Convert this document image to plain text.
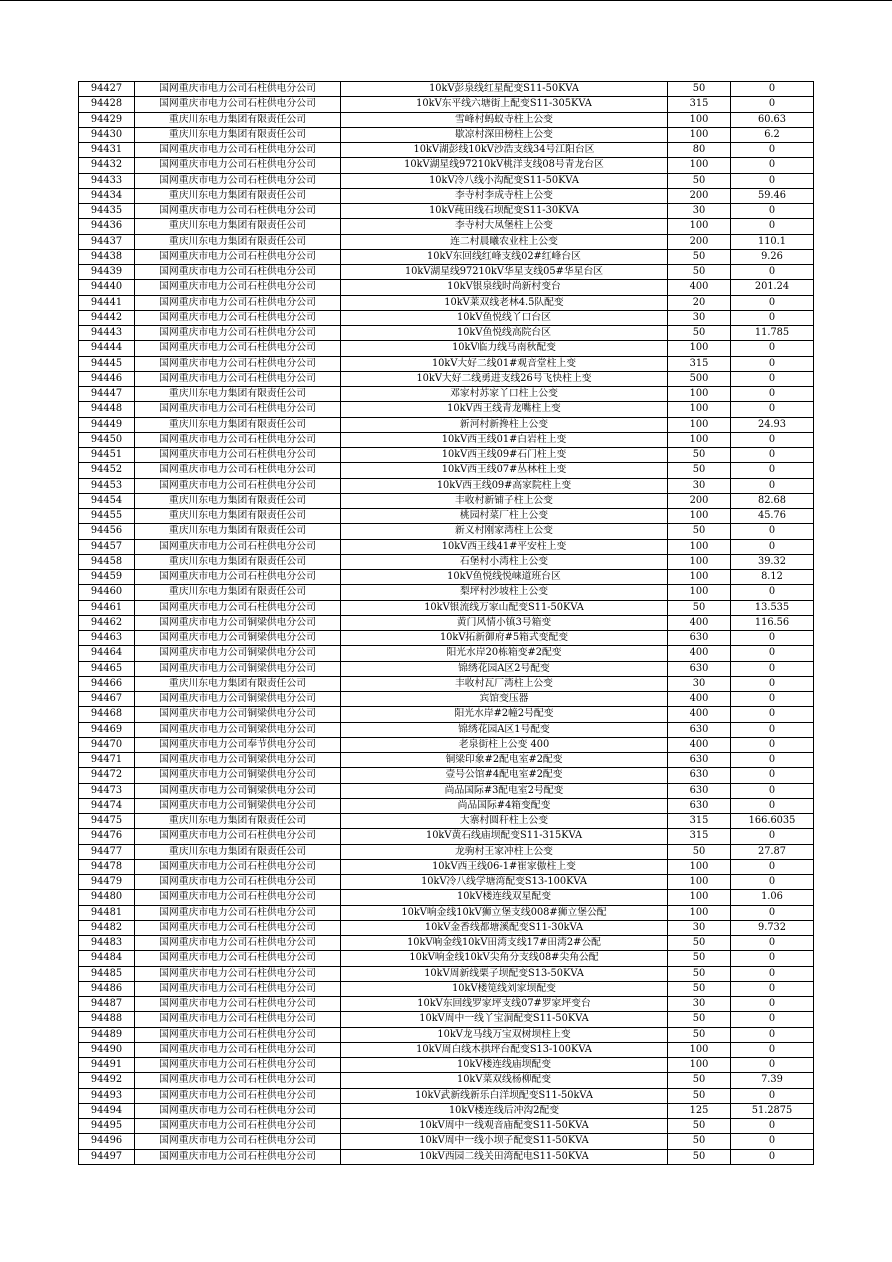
94427	国网重庆市电力公司石柱供电分公司	10kV彭泉线红星配变S11-50KVA	50	0
94428	国网重庆市电力公司石柱供电分公司	10kV东平线六塘街上配变S11-305KVA	315	0
94429	重庆川东电力集团有限责任公司	雪峰村蚂蚁寺柱上公变	100	60.63
94430	重庆川东电力集团有限责任公司	歇凉村深田榜柱上公变	100	6.2
94431	国网重庆市电力公司石柱供电分公司	10kV湖彭线10kV沙浩支线34号江阳台区	80	0
94432	国网重庆市电力公司石柱供电分公司	10kV湖星线97210kV桃洋支线08号青龙台区	100	0
94433	国网重庆市电力公司石柱供电分公司	10kV冷八线小沟配变S11-50KVA	50	0
94434	重庆川东电力集团有限责任公司	李寺村李成寺柱上公变	200	59.46
94435	国网重庆市电力公司石柱供电分公司	10kV莼田线石坝配变S11-30KVA	30	0
94436	重庆川东电力集团有限责任公司	李寺村大凤堡柱上公变	100	0
94437	重庆川东电力集团有限责任公司	连二村晨曦农业柱上公变	200	110.1
94438	国网重庆市电力公司石柱供电分公司	10kV东回线红峰支线02#红峰台区	50	9.26
94439	国网重庆市电力公司石柱供电分公司	10kV湖星线97210kV华星支线05#华星台区	50	0
94440	国网重庆市电力公司石柱供电分公司	10kV银泉线时尚新村变台	400	201.24
94441	国网重庆市电力公司石柱供电分公司	10kV莱双线老林4.5队配变	20	0
94442	国网重庆市电力公司石柱供电分公司	10kV鱼悦线丫口台区	30	0
94443	国网重庆市电力公司石柱供电分公司	10kV鱼悦线高院台区	50	11.785
94444	国网重庆市电力公司石柱供电分公司	10kV临力线马南秋配变	100	0
94445	国网重庆市电力公司石柱供电分公司	10kV大好二线01#观音堂柱上变	315	0
94446	国网重庆市电力公司石柱供电分公司	10kV大好二线勇进支线26号飞快柱上变	500	0
94447	重庆川东电力集团有限责任公司	邓家村苏家丫口柱上公变	100	0
94448	国网重庆市电力公司石柱供电分公司	10kV西王线青龙嘴柱上变	100	0
94449	重庆川东电力集团有限责任公司	新河村新搀柱上公变	100	24.93
94450	国网重庆市电力公司石柱供电分公司	10kV西王线01#白岩柱上变	100	0
94451	国网重庆市电力公司石柱供电分公司	10kV西王线09#石门柱上变	50	0
94452	国网重庆市电力公司石柱供电分公司	10kV西王线07#丛林柱上变	50	0
94453	国网重庆市电力公司石柱供电分公司	10kV西王线09#高家院柱上变	30	0
94454	重庆川东电力集团有限责任公司	丰收村新铺子柱上公变	200	82.68
94455	重庆川东电力集团有限责任公司	桃园村菜厂柱上公变	100	45.76
94456	重庆川东电力集团有限责任公司	新义村刚家湾柱上公变	50	0
94457	国网重庆市电力公司石柱供电分公司	10kV西王线41#平安柱上变	100	0
94458	重庆川东电力集团有限责任公司	石堡村小湾柱上公变	100	39.32
94459	国网重庆市电力公司石柱供电分公司	10kV鱼悦线悦崃道班台区	100	8.12
94460	重庆川东电力集团有限责任公司	梨坪村沙坡柱上公变	100	0
94461	国网重庆市电力公司石柱供电分公司	10kV银流线万家山配变S11-50KVA	50	13.535
94462	国网重庆市电力公司铜梁供电分公司	黄门风情小镇3号箱变	400	116.56
94463	国网重庆市电力公司铜梁供电分公司	10kV拓新御府#5箱式变配变	630	0
94464	国网重庆市电力公司铜梁供电分公司	阳光水岸20栋箱变#2配变	400	0
94465	国网重庆市电力公司铜梁供电分公司	锦绣花园A区2号配变	630	0
94466	重庆川东电力集团有限责任公司	丰收村瓦厂湾柱上公变	30	0
94467	国网重庆市电力公司铜梁供电分公司	宾馆变压器	400	0
94468	国网重庆市电力公司铜梁供电分公司	阳光水岸#2幢2号配变	400	0
94469	国网重庆市电力公司铜梁供电分公司	锦绣花园A区1号配变	630	0
94470	国网重庆市电力公司奉节供电分公司	老泉街柱上公变 400	400	0
94471	国网重庆市电力公司铜梁供电分公司	铜梁印象#2配电室#2配变	630	0
94472	国网重庆市电力公司铜梁供电分公司	壹号公馆#4配电室#2配变	630	0
94473	国网重庆市电力公司铜梁供电分公司	尚品国际#3配电室2号配变	630	0
94474	国网重庆市电力公司铜梁供电分公司	尚品国际#4箱变配变	630	0
94475	重庆川东电力集团有限责任公司	大寨村圆秆柱上公变	315	166.6035
94476	国网重庆市电力公司石柱供电分公司	10kV黄石线庙坝配变S11-315KVA	315	0
94477	重庆川东电力集团有限责任公司	龙驹村王家冲柱上公变	50	27.87
94478	国网重庆市电力公司石柱供电分公司	10kV西王线06-1#崔家傲柱上变	100	0
94479	国网重庆市电力公司石柱供电分公司	10kV冷八线学塘湾配变S13-100KVA	100	0
94480	国网重庆市电力公司石柱供电分公司	10kV楼连线双星配变	100	1.06
94481	国网重庆市电力公司石柱供电分公司	10kV响金线10kV狮立堡支线008#狮立堡公配	100	0
94482	国网重庆市电力公司石柱供电分公司	10kV金香线都塘溪配变S11-30kVA	30	9.732
94483	国网重庆市电力公司石柱供电分公司	10kV响金线10kV田湾支线17#田湾2#公配	50	0
94484	国网重庆市电力公司石柱供电分公司	10kV响金线10kV尖角分支线08#尖角公配	50	0
94485	国网重庆市电力公司石柱供电分公司	10kV周新线栗子坝配变S13-50KVA	50	0
94486	国网重庆市电力公司石柱供电分公司	10kV楼笕线刘家坝配变	50	0
94487	国网重庆市电力公司石柱供电分公司	10kV东回线罗家坪支线07#罗家坪变台	30	0
94488	国网重庆市电力公司石柱供电分公司	10kV周中一线丫宝洞配变S11-50KVA	50	0
94489	国网重庆市电力公司石柱供电分公司	10kV龙马线万宝双树坝柱上变	50	0
94490	国网重庆市电力公司石柱供电分公司	10kV周白线木拱坪台配变S13-100KVA	100	0
94491	国网重庆市电力公司石柱供电分公司	10kV楼连线庙坝配变	100	0
94492	国网重庆市电力公司石柱供电分公司	10kV菜双线杨柳配变	50	7.39
94493	国网重庆市电力公司石柱供电分公司	10kV武新线新乐白洋坝配变S11-50kVA	50	0
94494	国网重庆市电力公司石柱供电分公司	10kV楼连线后冲沟2配变	125	51.2875
94495	国网重庆市电力公司石柱供电分公司	10kV周中一线观音庙配变S11-50KVA	50	0
94496	国网重庆市电力公司石柱供电分公司	10kV周中一线小坝子配变S11-50KVA	50	0
94497	国网重庆市电力公司石柱供电分公司	10kV西园二线关田湾配电S11-50KVA	50	0
